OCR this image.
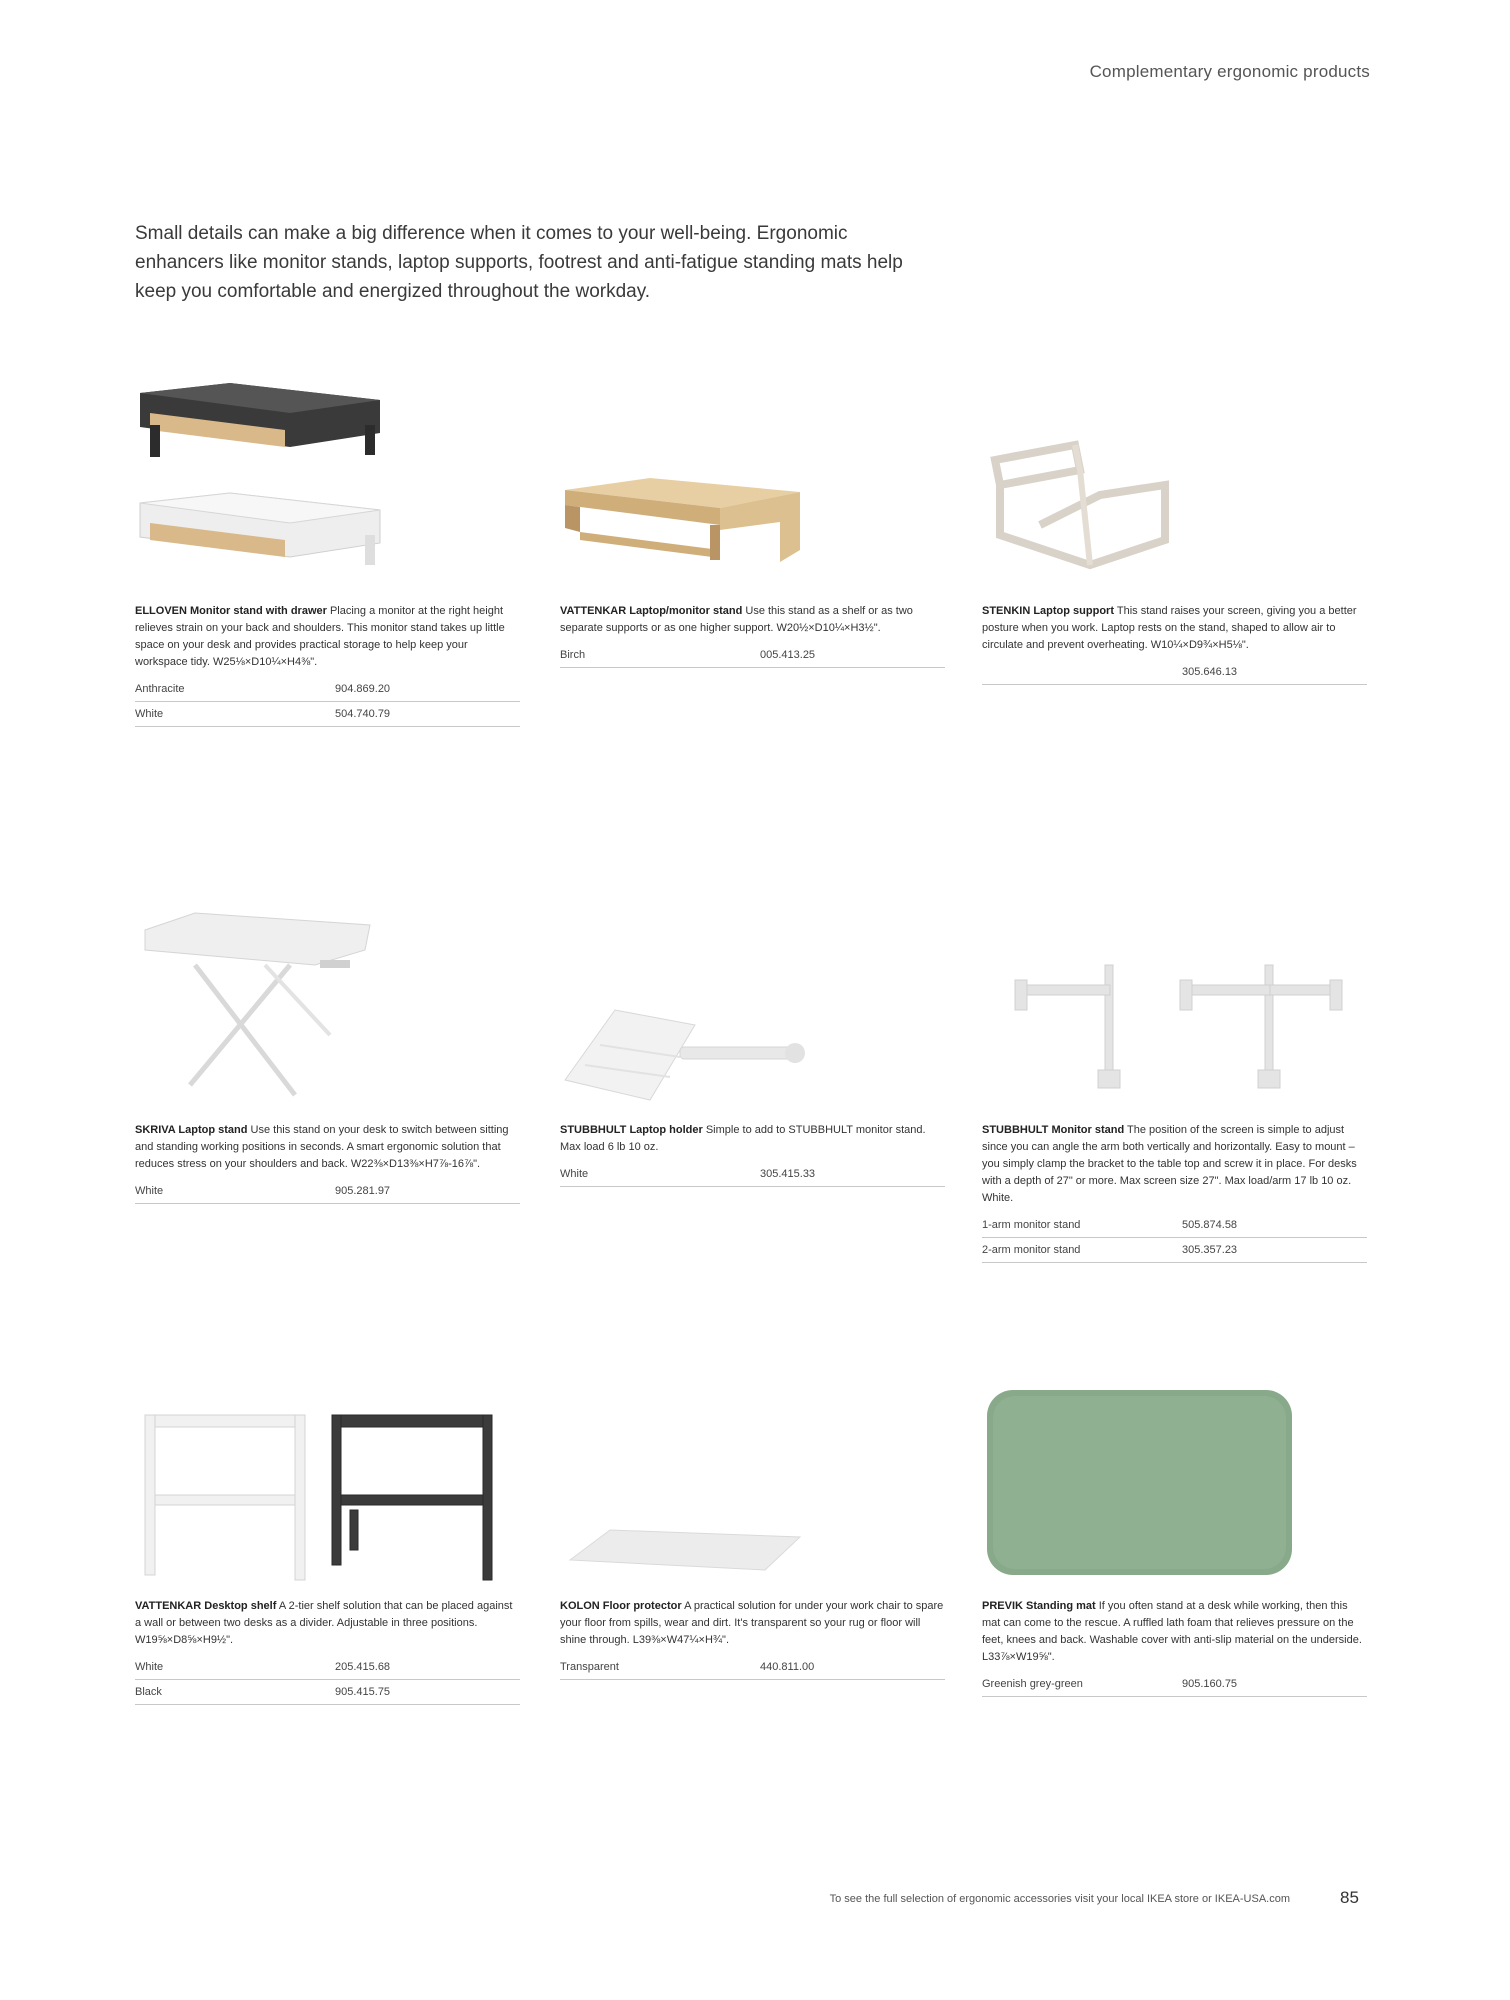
Complementary ergonomic products

Small details can make a big difference when it comes to your well-being. Ergonomic enhancers like monitor stands, laptop supports, footrest and anti-fatigue standing mats help keep you comfortable and energized throughout the workday.

ELLOVEN Monitor stand with drawer Placing a monitor at the right height relieves strain on your back and shoulders. This monitor stand takes up little space on your desk and provides practical storage to help keep your workspace tidy. W25⅛×D10¼×H4⅜".

Anthracite	904.869.20
White	504.740.79

VATTENKAR Laptop/monitor stand Use this stand as a shelf or as two separate supports or as one higher support. W20½×D10¼×H3½".

Birch	005.413.25

STENKIN Laptop support This stand raises your screen, giving you a better posture when you work. Laptop rests on the stand, shaped to allow air to circulate and prevent overheating. W10¼×D9¾×H5⅛".

305.646.13

SKRIVA Laptop stand Use this stand on your desk to switch between sitting and standing working positions in seconds. A smart ergonomic solution that reduces stress on your shoulders and back. W22⅜×D13⅜×H7⅞-16⅞".

White	905.281.97

STUBBHULT Laptop holder Simple to add to STUBBHULT monitor stand. Max load 6 lb 10 oz.

White	305.415.33

STUBBHULT Monitor stand The position of the screen is simple to adjust since you can angle the arm both vertically and horizontally. Easy to mount – you simply clamp the bracket to the table top and screw it in place. For desks with a depth of 27" or more. Max screen size 27". Max load/arm 17 lb 10 oz. White.

1-arm monitor stand	505.874.58
2-arm monitor stand	305.357.23

VATTENKAR Desktop shelf A 2-tier shelf solution that can be placed against a wall or between two desks as a divider. Adjustable in three positions. W19⅝×D8⅝×H9½".

White	205.415.68
Black	905.415.75

KOLON Floor protector A practical solution for under your work chair to spare your floor from spills, wear and dirt. It's transparent so your rug or floor will shine through. L39⅜×W47¼×H¾".

Transparent	440.811.00

PREVIK Standing mat If you often stand at a desk while working, then this mat can come to the rescue. A ruffled lath foam that relieves pressure on the feet, knees and back. Washable cover with anti-slip material on the underside. L33⅞×W19⅝".

Greenish grey-green	905.160.75
To see the full selection of ergonomic accessories visit your local IKEA store or IKEA-USA.com	85
